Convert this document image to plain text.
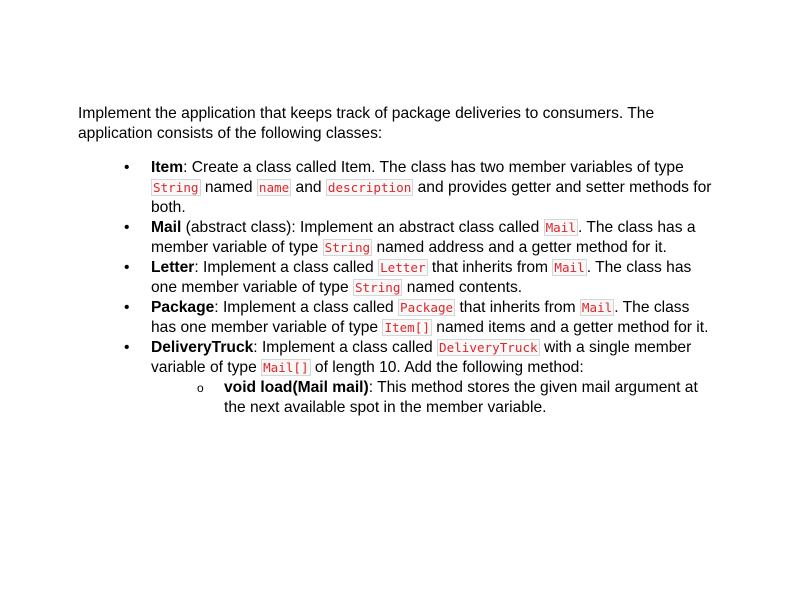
Implement the application that keeps track of package deliveries to consumers. The application consists of the following classes:

• Item: Create a class called Item. The class has two member variables of type String named name and description and provides getter and setter methods for both.
• Mail (abstract class): Implement an abstract class called Mail . The class has a member variable of type String named address and a getter method for it.
• Letter: Implement a class called Letter that inherits from Mail . The class has one member variable of type String named contents.
• Package: Implement a class called Package that inherits from Mail . The class has one member variable of type Item[] named items and a getter method for it.
• DeliveryTruck: Implement a class called DeliveryTruck with a single member variable of type Mail[] of length 10. Add the following method:
o void load(Mail mail): This method stores the given mail argument at the next available spot in the member variable.
